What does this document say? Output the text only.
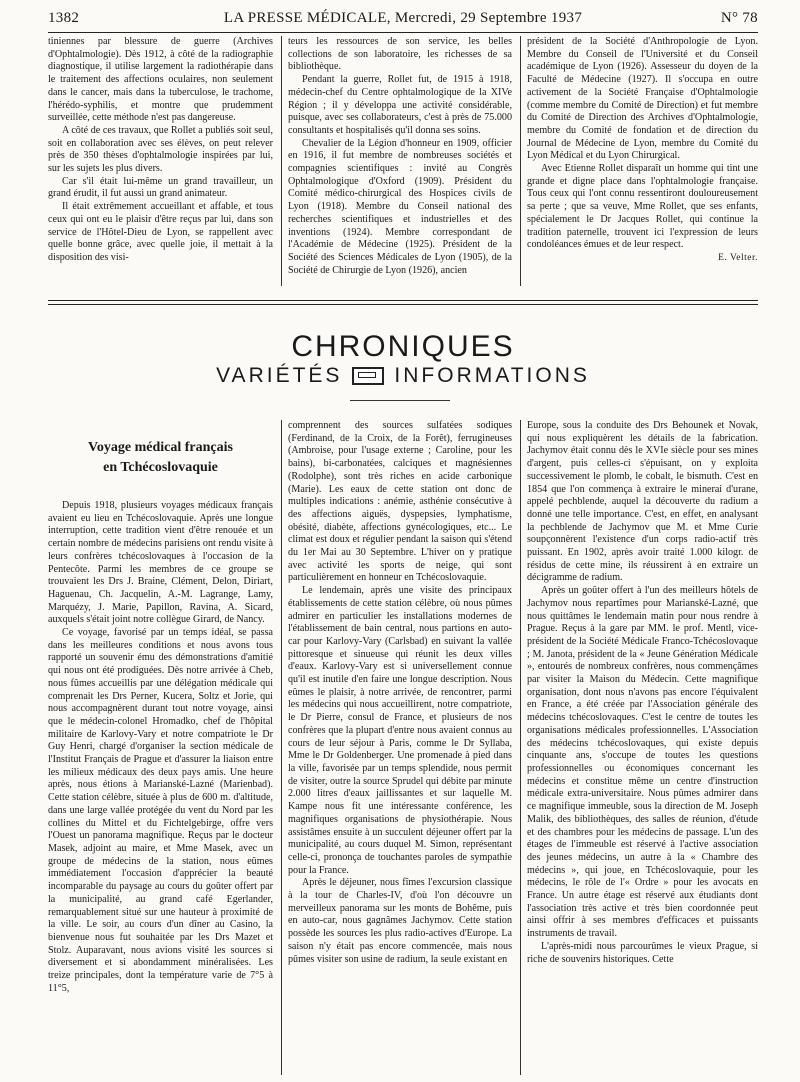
1382	LA PRESSE MÉDICALE, Mercredi, 29 Septembre 1937	N° 78

tiniennes par blessure de guerre (Archives d'Ophtalmologie). Dès 1912, à côté de la radiographie diagnostique, il utilise largement la radiothérapie dans le traitement des affections oculaires, non seulement dans le cancer, mais dans la tuberculose, le trachome, l'hérédo-syphilis, et montre que prudemment surveillée, cette méthode n'est pas dangereuse.

A côté de ces travaux, que Rollet a publiés soit seul, soit en collaboration avec ses élèves, on peut relever près de 350 thèses d'ophtalmologie inspirées par lui, sur les sujets les plus divers.

Car s'il était lui-même un grand travailleur, un grand érudit, il fut aussi un grand animateur.

Il était extrêmement accueillant et affable, et tous ceux qui ont eu le plaisir d'être reçus par lui, dans son service de l'Hôtel-Dieu de Lyon, se rappellent avec quelle bonne grâce, avec quelle joie, il mettait à la disposition des visi-

teurs les ressources de son service, les belles collections de son laboratoire, les richesses de sa bibliothèque.

Pendant la guerre, Rollet fut, de 1915 à 1918, médecin-chef du Centre ophtalmologique de la XIVe Région ; il y développa une activité considérable, puisque, avec ses collaborateurs, c'est à près de 75.000 consultants et hospitalisés qu'il donna ses soins.

Chevalier de la Légion d'honneur en 1909, officier en 1916, il fut membre de nombreuses sociétés et compagnies scientifiques : invité au Congrès Ophtalmologique d'Oxford (1909). Président du Comité médico-chirurgical des Hospices civils de Lyon (1918). Membre du Conseil national des recherches scientifiques et industrielles et des inventions (1924). Membre correspondant de l'Académie de Médecine (1925). Président de la Société des Sciences Médicales de Lyon (1905), de la Société de Chirurgie de Lyon (1926), ancien

président de la Société d'Anthropologie de Lyon. Membre du Conseil de l'Université et du Conseil académique de Lyon (1926). Assesseur du doyen de la Faculté de Médecine (1927). Il s'occupa en outre activement de la Société Française d'Ophtalmologie (comme membre du Comité de Direction) et fut membre du Comité de Direction des Archives d'Ophtalmologie, membre du Comité de fondation et de direction du Journal de Médecine de Lyon, membre du Comité du Lyon Médical et du Lyon Chirurgical.

Avec Etienne Rollet disparaît un homme qui tint une grande et digne place dans l'ophtalmologie française. Tous ceux qui l'ont connu ressentiront douloureusement sa perte ; que sa veuve, Mme Rollet, que ses enfants, spécialement le Dr Jacques Rollet, qui continue la tradition paternelle, trouvent ici l'expression de leurs condoléances émues et de leur respect.

E. Velter.

CHRONIQUES
VARIÉTÉS INFORMATIONS
Voyage médical français
en Tchécoslovaquie

Depuis 1918, plusieurs voyages médicaux français avaient eu lieu en Tchécoslovaquie. Après une longue interruption, cette tradition vient d'être renouée et un certain nombre de médecins parisiens ont rendu visite à leurs confrères tchécoslovaques à l'occasion de la Pentecôte. Parmi les membres de ce groupe se trouvaient les Drs J. Braine, Clément, Delon, Diriart, Haguenau, Ch. Jacquelin, A.-M. Lagrange, Lamy, Marquézy, J. Marie, Papillon, Ravina, A. Sicard, auxquels s'était joint notre collègue Girard, de Nancy.

Ce voyage, favorisé par un temps idéal, se passa dans les meilleures conditions et nous avons tous rapporté un souvenir ému des démonstrations d'amitié qui nous ont été prodiguées. Dès notre arrivée à Cheb, nous fûmes accueillis par une délégation médicale qui comprenait les Drs Perner, Kucera, Soltz et Jorie, qui nous accompagnèrent durant tout notre voyage, ainsi que le médecin-colonel Hromadko, chef de l'hôpital militaire de Karlovy-Vary et notre compatriote le Dr Guy Henri, chargé d'organiser la section médicale de l'Institut Français de Prague et d'assurer la liaison entre les milieux médicaux des deux pays amis. Une heure après, nous étions à Marianské-Lazné (Marienbad). Cette station célèbre, située à plus de 600 m. d'altitude, dans une large vallée protégée du vent du Nord par les collines du Mittel et du Fichtelgebirge, offre vers l'Ouest un panorama magnifique. Reçus par le docteur Masek, adjoint au maire, et Mme Masek, avec un groupe de médecins de la station, nous eûmes immédiatement l'occasion d'apprécier la beauté incomparable du paysage au cours du goûter offert par la municipalité, au grand café Egerlander, remarquablement situé sur une hauteur à proximité de la ville. Le soir, au cours d'un dîner au Casino, la bienvenue nous fut souhaitée par les Drs Mazet et Stolz. Auparavant, nous avions visité les sources si diversement et si abondamment minéralisées. Les treize principales, dont la température varie de 7°5 à 11°5,

comprennent des sources sulfatées sodiques (Ferdinand, de la Croix, de la Forêt), ferrugineuses (Ambroise, pour l'usage externe ; Caroline, pour les bains), bi-carbonatées, calciques et magnésiennes (Rodolphe), sont très riches en acide carbonique (Marie). Les eaux de cette station ont donc de multiples indications : anémie, asthénie consécutive à des affections aiguës, dyspepsies, lymphatisme, obésité, diabète, affections gynécologiques, etc... Le climat est doux et régulier pendant la saison qui s'étend du 1er Mai au 30 Septembre. L'hiver on y pratique avec activité les sports de neige, qui sont particulièrement en honneur en Tchécoslovaquie.

Le lendemain, après une visite des principaux établissements de cette station célèbre, où nous pûmes admirer en particulier les installations modernes de l'établissement de bain central, nous partions en auto-car pour Karlovy-Vary (Carlsbad) en suivant la vallée pittoresque et sinueuse qui réunit les deux villes d'eaux. Karlovy-Vary est si universellement connue qu'il est inutile d'en faire une longue description. Nous eûmes le plaisir, à notre arrivée, de rencontrer, parmi les médecins qui nous accueillirent, notre compatriote, le Dr Pierre, consul de France, et plusieurs de nos confrères que la plupart d'entre nous avaient connus au cours de leur séjour à Paris, comme le Dr Syllaba, Mme le Dr Goldenberger. Une promenade à pied dans la ville, favorisée par un temps splendide, nous permit de visiter, outre la source Sprudel qui débite par minute 2.000 litres d'eaux jaillissantes et sur laquelle M. Kampe nous fit une intéressante conférence, les magnifiques organisations de physiothérapie. Nous assistâmes ensuite à un succulent déjeuner offert par la municipalité, au cours duquel M. Simon, représentant celle-ci, prononça de touchantes paroles de sympathie pour la France.

Après le déjeuner, nous fîmes l'excursion classique à la tour de Charles-IV, d'où l'on découvre un merveilleux panorama sur les monts de Bohême, puis en auto-car, nous gagnâmes Jachymov. Cette station possède les sources les plus radio-actives d'Europe. La saison n'y était pas encore commencée, mais nous pûmes visiter son usine de radium, la seule existant en

Europe, sous la conduite des Drs Behounek et Novak, qui nous expliquèrent les détails de la fabrication. Jachymov était connu dès le XVIe siècle pour ses mines d'argent, puis celles-ci s'épuisant, on y exploita successivement le plomb, le cobalt, le bismuth. C'est en 1854 que l'on commença à extraire le minerai d'urane, appelé pechblende, auquel la découverte du radium a donné une telle importance. C'est, en effet, en analysant la pechblende de Jachymov que M. et Mme Curie soupçonnèrent l'existence d'un corps radio-actif très puissant. En 1902, après avoir traité 1.000 kilogr. de résidus de cette mine, ils réussirent à en extraire un décigramme de radium.

Après un goûter offert à l'un des meilleurs hôtels de Jachymov nous repartîmes pour Marianské-Lazné, que nous quittâmes le lendemain matin pour nous rendre à Prague. Reçus à la gare par MM. le prof. Mentl, vice-président de la Société Médicale Franco-Tchécoslovaque ; M. Janota, président de la « Jeune Génération Médicale », entourés de nombreux confrères, nous commençâmes par visiter la Maison du Médecin. Cette magnifique organisation, dont nous n'avons pas encore l'équivalent en France, a été créée par l'Association générale des médecins tchécoslovaques. C'est le centre de toutes les organisations médicales professionnelles. L'Association des médecins tchécoslovaques, qui existe depuis cinquante ans, s'occupe de toutes les questions professionnelles ou économiques concernant les médecins et constitue même un centre d'instruction médicale extra-universitaire. Nous pûmes admirer dans ce magnifique immeuble, sous la direction de M. Joseph Malik, des bibliothèques, des salles de réunion, d'étude et des chambres pour les médecins de passage. L'un des étages de l'immeuble est réservé à l'active association des jeunes médecins, un autre à la « Chambre des médecins », qui joue, en Tchécoslovaquie, pour les médecins, le rôle de l'« Ordre » pour les avocats en France. Un autre étage est réservé aux étudiants dont l'association très active et très bien coordonnée peut ainsi offrir à ses membres d'efficaces et puissants instruments de travail.

L'après-midi nous parcourûmes le vieux Prague, si riche de souvenirs historiques. Cette
